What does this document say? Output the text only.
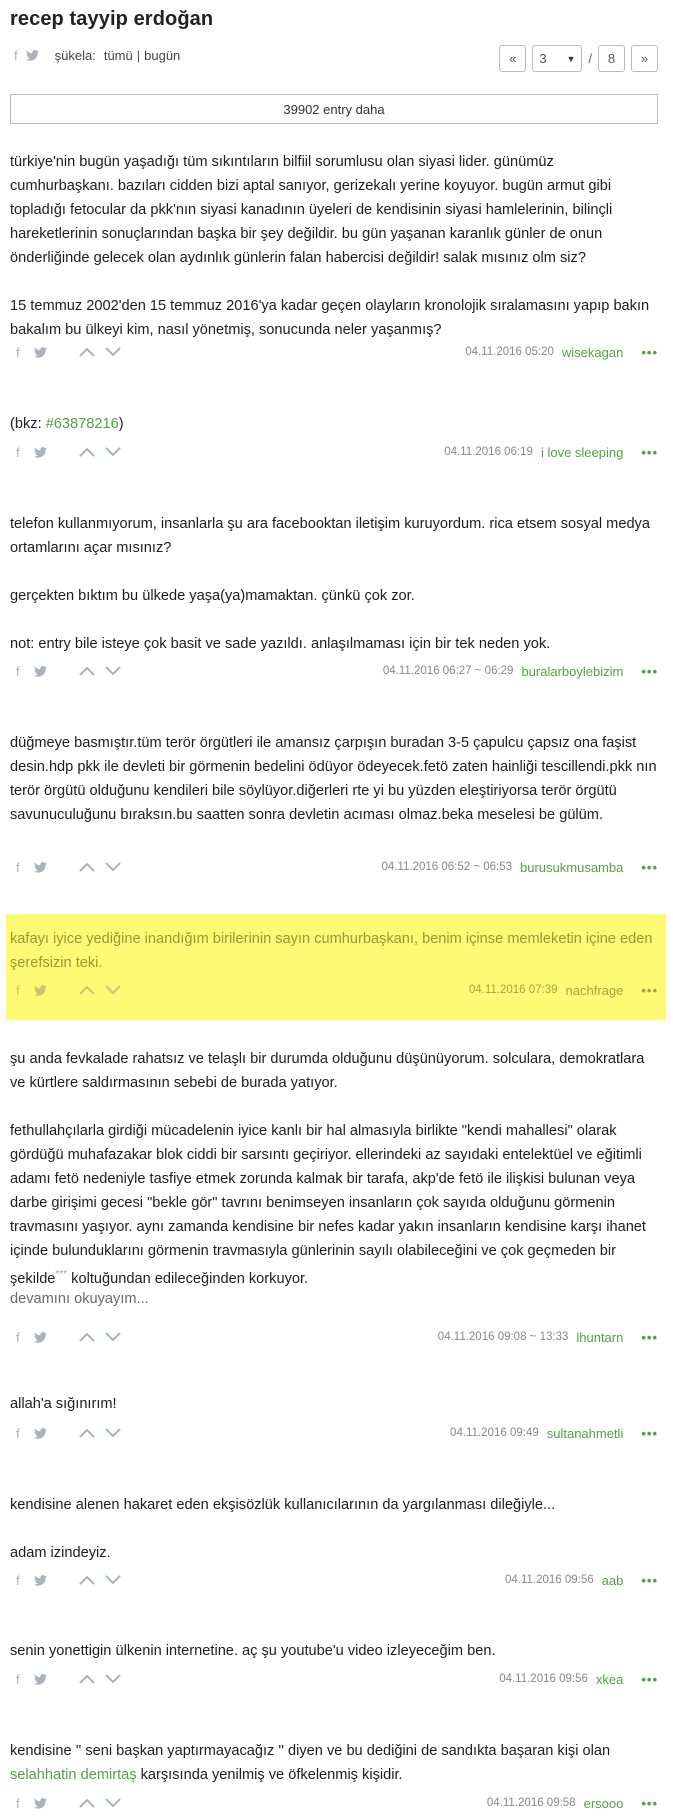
recep tayyip erdoğan
f	şükela: tümü | bugün	«	3 ▼ /	8	»
39902 entry daha

türkiye'nin bugün yaşadığı tüm sıkıntıların bilfiil sorumlusu olan siyasi lider. günümüz cumhurbaşkanı. bazıları cidden bizi aptal sanıyor, gerizekalı yerine koyuyor. bugün armut gibi topladığı fetocular da pkk'nın siyasi kanadının üyeleri de kendisinin siyasi hamlelerinin, bilinçli hareketlerinin sonuçlarından başka bir şey değildir. bu gün yaşanan karanlık günler de onun önderliğinde gelecek olan aydınlık günlerin falan habercisi değildir! salak mısınız olm siz?

15 temmuz 2002'den 15 temmuz 2016'ya kadar geçen olayların kronolojik sıralamasını yapıp bakın bakalım bu ülkeyi kim, nasıl yönetmiş, sonucunda neler yaşanmış?

f	04.11.2016 05:20 wisekagan •••

(bkz: #63878216)

f	04.11.2016 06:19 i love sleeping •••

telefon kullanmıyorum, insanlarla şu ara facebooktan iletişim kuruyordum. rica etsem sosyal medya ortamlarını açar mısınız?

gerçekten bıktım bu ülkede yaşa(ya)mamaktan. çünkü çok zor.

not: entry bile isteye çok basit ve sade yazıldı. anlaşılmaması için bir tek neden yok.

f	04.11.2016 06:27 ~ 06:29 buralarboylebizim •••

düğmeye basmıştır.tüm terör örgütleri ile amansız çarpışın buradan 3-5 çapulcu çapsız ona faşist desin.hdp pkk ile devleti bir görmenin bedelini ödüyor ödeyecek.fetö zaten hainliği tescillendi.pkk nın terör örgütü olduğunu kendileri bile söylüyor.diğerleri rte yi bu yüzden eleştiriyorsa terör örgütü savunuculuğunu bıraksın.bu saatten sonra devletin acıması olmaz.beka meselesi be gülüm.

f	04.11.2016 06:52 ~ 06:53 burusukmusamba •••

kafayı iyice yediğine inandığım birilerinin sayın cumhurbaşkanı, benim içinse memleketin içine eden şerefsizin teki.

f	04.11.2016 07:39 nachfrage •••

şu anda fevkalade rahatsız ve telaşlı bir durumda olduğunu düşünüyorum. solculara, demokratlara ve kürtlere saldırmasının sebebi de burada yatıyor.

fethullahçılarla girdiği mücadelenin iyice kanlı bir hal almasıyla birlikte "kendi mahallesi" olarak gördüğü muhafazakar blok ciddi bir sarsıntı geçiriyor. ellerindeki az sayıdaki entelektüel ve eğitimli adamı fetö nedeniyle tasfiye etmek zorunda kalmak bir tarafa, akp'de fetö ile ilişkisi bulunan veya darbe girişimi gecesi "bekle gör" tavrını benimseyen insanların çok sayıda olduğunu görmenin travmasını yaşıyor. aynı zamanda kendisine bir nefes kadar yakın insanların kendisine karşı ihanet içinde bulunduklarını görmenin travmasıyla günlerinin sayılı olabileceğini ve çok geçmeden bir şekilde*** koltuğundan edileceğinden korkuyor.

devamını okuyayım...
f	04.11.2016 09:08 ~ 13:33 lhuntarn •••

allah'a sığınırım!

f	04.11.2016 09:49 sultanahmetli •••

kendisine alenen hakaret eden ekşisözlük kullanıcılarının da yargılanması dileğiyle...

adam izindeyiz.

f	04.11.2016 09:56 aab •••

senin yonettigin ülkenin internetine. aç şu youtube'u video izleyeceğim ben.

f	04.11.2016 09:56 xkea •••

kendisine '' seni başkan yaptırmayacağız '' diyen ve bu dediğini de sandıkta başaran kişi olan selahhatin demirtaş karşısında yenilmiş ve öfkelenmiş kişidir.

f	04.11.2016 09:58 ersooo •••
